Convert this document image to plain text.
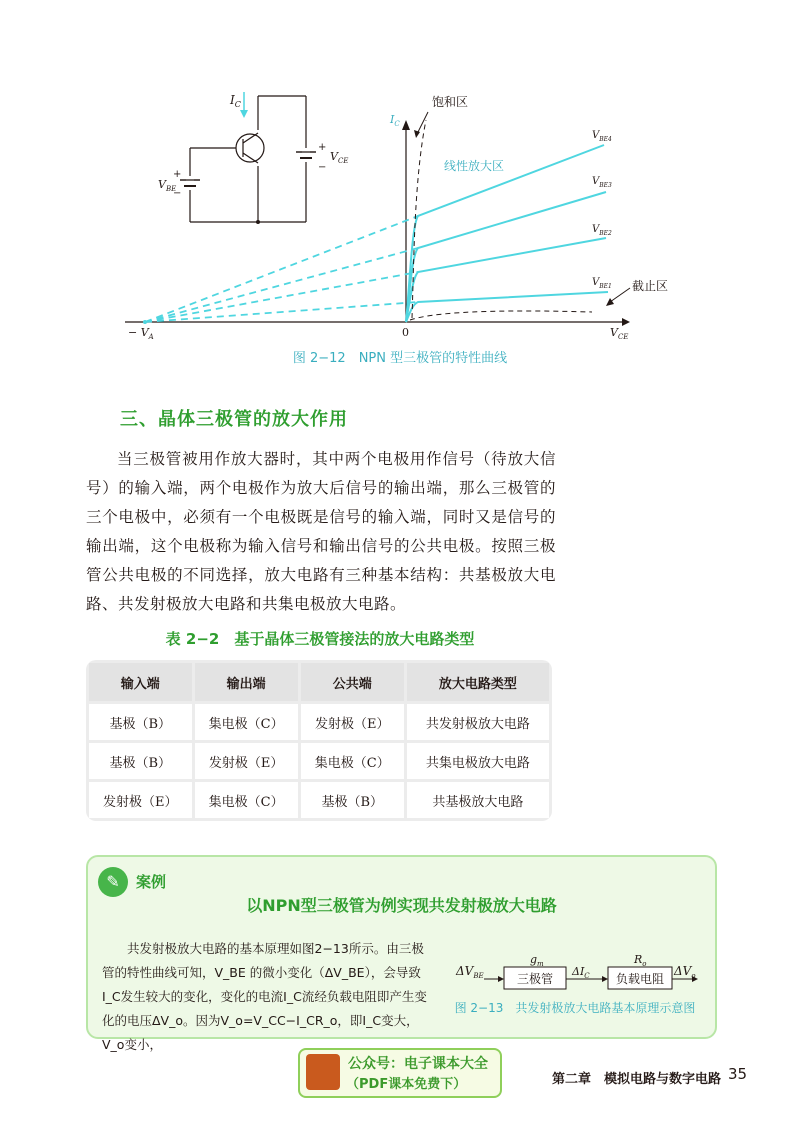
$I_C$
$V_{BE}$
+
−
$V_{CE}$
+
−
$I_C$
$V_{CE}$
0
− $V_A$
饱和区
线性放大区
截止区
$V_{BE4}$
$V_{BE3}$
$V_{BE2}$
$V_{BE1}$
图 2−12　NPN 型三极管的特性曲线
三、晶体三极管的放大作用

当三极管被用作放大器时，其中两个电极用作信号（待放大信号）的输入端，两个电极作为放大后信号的输出端，那么三极管的三个电极中，必须有一个电极既是信号的输入端，同时又是信号的输出端，这个电极称为输入信号和输出信号的公共电极。按照三极管公共电极的不同选择，放大电路有三种基本结构：共基极放大电路、共发射极放大电路和共集电极放大电路。

表 2−2　基于晶体三极管接法的放大电路类型
输入端	输出端	公共端	放大电路类型
基极（B）	集电极（C）	发射极（E）	共发射极放大电路
基极（B）	发射极（E）	集电极（C）	共集电极放大电路
发射极（E）	集电极（C）	基极（B）	共基极放大电路
✎	案例
以NPN型三极管为例实现共发射极放大电路

共发射极放大电路的基本原理如图2−13所示。由三极管的特性曲线可知，V_BE 的微小变化（ΔV_BE），会导致I_C发生较大的变化，变化的电流I_C流经负载电阻即产生变化的电压ΔV_o。因为V_o=V_CC−I_CR_o，即I_C变大，V_o变小，

$\Delta V_{BE}$	三极管
$g_m$
$\Delta I_C$ 负载电阻
$R_o$ $\Delta V_o$
图 2−13　共发射极放大电路基本原理示意图
公众号：电子课本大全
（PDF课本免费下）	第二章　模拟电路与数字电路 35
